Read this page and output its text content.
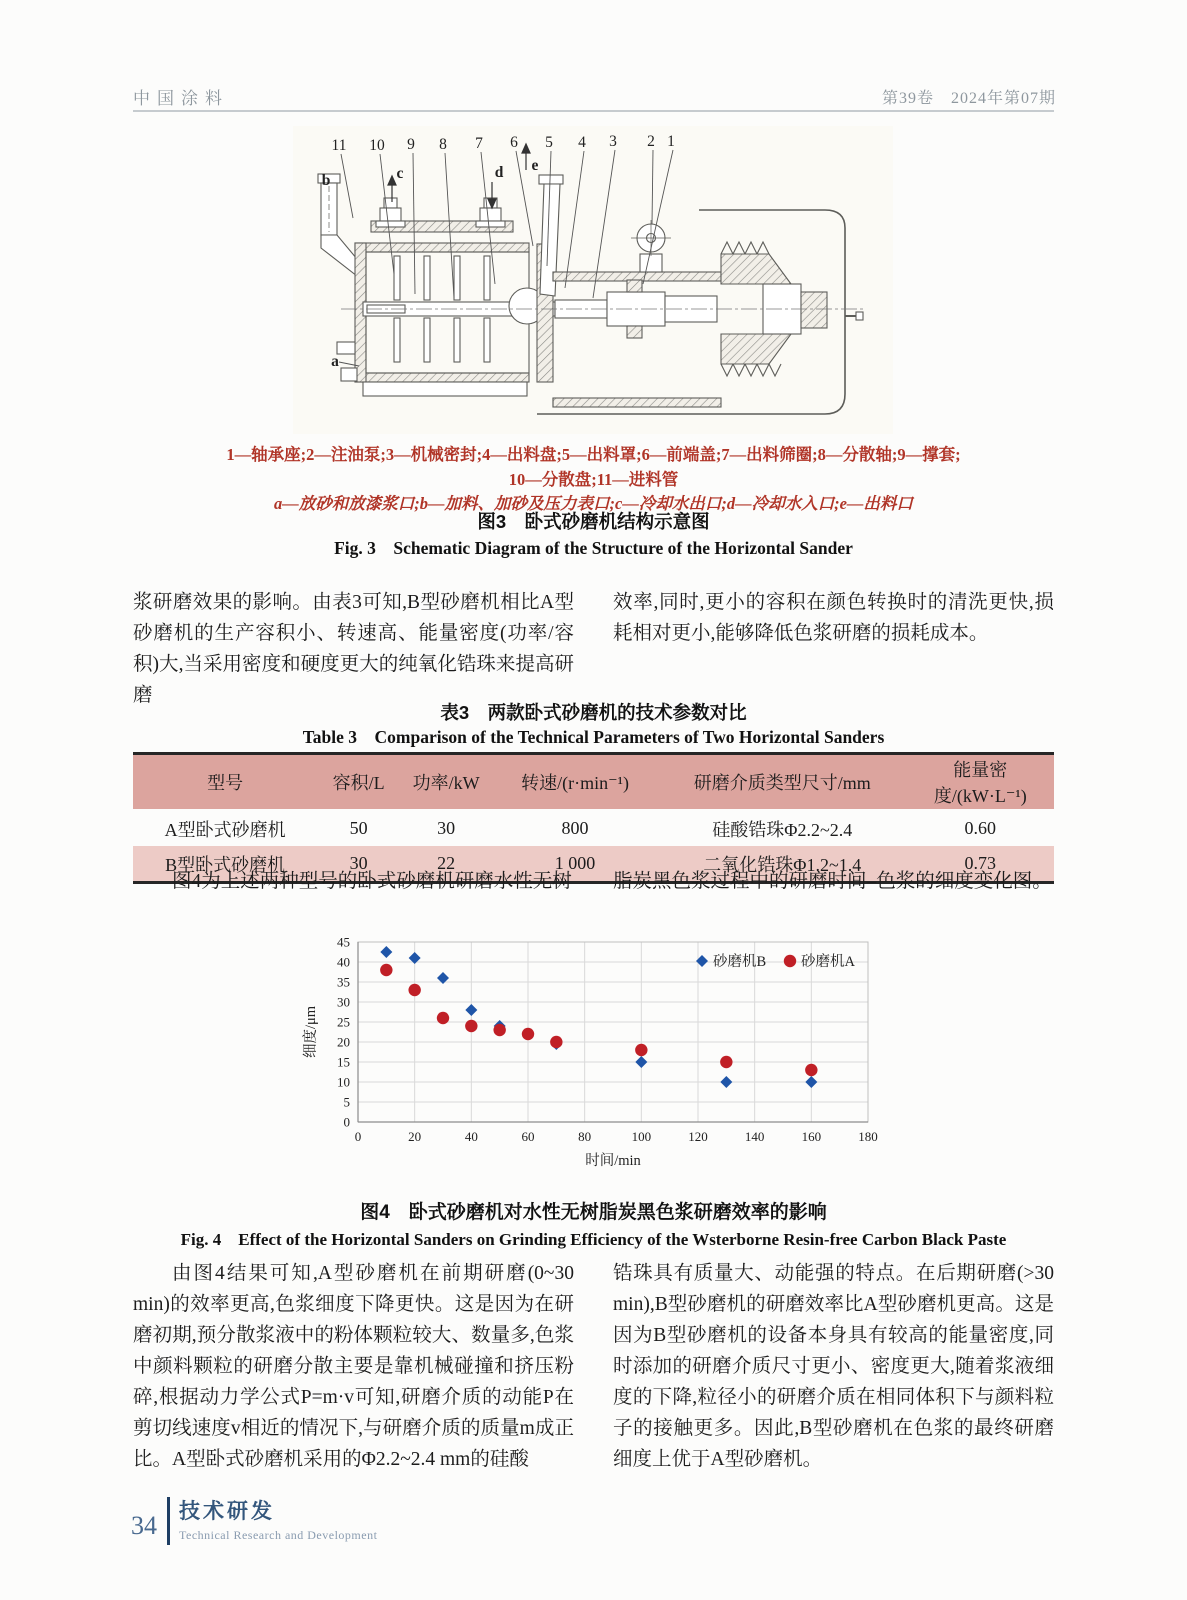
中国涂料	第39卷　2024年第07期
11 10 9 8 7 6 5 4 3 2 1
b	c	d e
a
1—轴承座;2—注油泵;3—机械密封;4—出料盘;5—出料罩;6—前端盖;7—出料筛圈;8—分散轴;9—撑套;
10—分散盘;11—进料管
a—放砂和放漆浆口;b—加料、加砂及压力表口;c—冷却水出口;d—冷却水入口;e—出料口
图3　卧式砂磨机结构示意图
Fig. 3　Schematic Diagram of the Structure of the Horizontal Sander
浆研磨效果的影响。由表3可知,B型砂磨机相比A型砂磨机的生产容积小、转速高、能量密度(功率/容积)大,当采用密度和硬度更大的纯氧化锆珠来提高研磨
效率,同时,更小的容积在颜色转换时的清洗更快,损耗相对更小,能够降低色浆研磨的损耗成本。
表3　两款卧式砂磨机的技术参数对比
Table 3　Comparison of the Technical Parameters of Two Horizontal Sanders
型号	容积/L	功率/kW	转速/(r·min⁻¹)	研磨介质类型尺寸/mm	能量密度/(kW·L⁻¹)
A型卧式砂磨机	50	30	800	硅酸锆珠Φ2.2~2.4	0.60
B型卧式砂磨机	30	22	1 000	二氧化锆珠Φ1.2~1.4	0.73
图4为上述两种型号的卧式砂磨机研磨水性无树 脂炭黑色浆过程中的研磨时间–色浆的细度变化图。
0
5
10
15
20
25
30
35
40
45
0	20	40	60	80	100	120	140	160	180
时间/min
细度/μm
砂磨机B 砂磨机A
图4　卧式砂磨机对水性无树脂炭黑色浆研磨效率的影响
Fig. 4　Effect of the Horizontal Sanders on Grinding Efficiency of the Wsterborne Resin-free Carbon Black Paste
由图4结果可知,A型砂磨机在前期研磨(0~30 min)的效率更高,色浆细度下降更快。这是因为在研磨初期,预分散浆液中的粉体颗粒较大、数量多,色浆中颜料颗粒的研磨分散主要是靠机械碰撞和挤压粉碎,根据动力学公式P=m·v可知,研磨介质的动能P在剪切线速度v相近的情况下,与研磨介质的质量m成正比。A型卧式砂磨机采用的Φ2.2~2.4 mm的硅酸
锆珠具有质量大、动能强的特点。在后期研磨(>30 min),B型砂磨机的研磨效率比A型砂磨机更高。这是因为B型砂磨机的设备本身具有较高的能量密度,同时添加的研磨介质尺寸更小、密度更大,随着浆液细度的下降,粒径小的研磨介质在相同体积下与颜料粒子的接触更多。因此,B型砂磨机在色浆的最终研磨细度上优于A型砂磨机。
34 技术研发
Technical Research and Development
